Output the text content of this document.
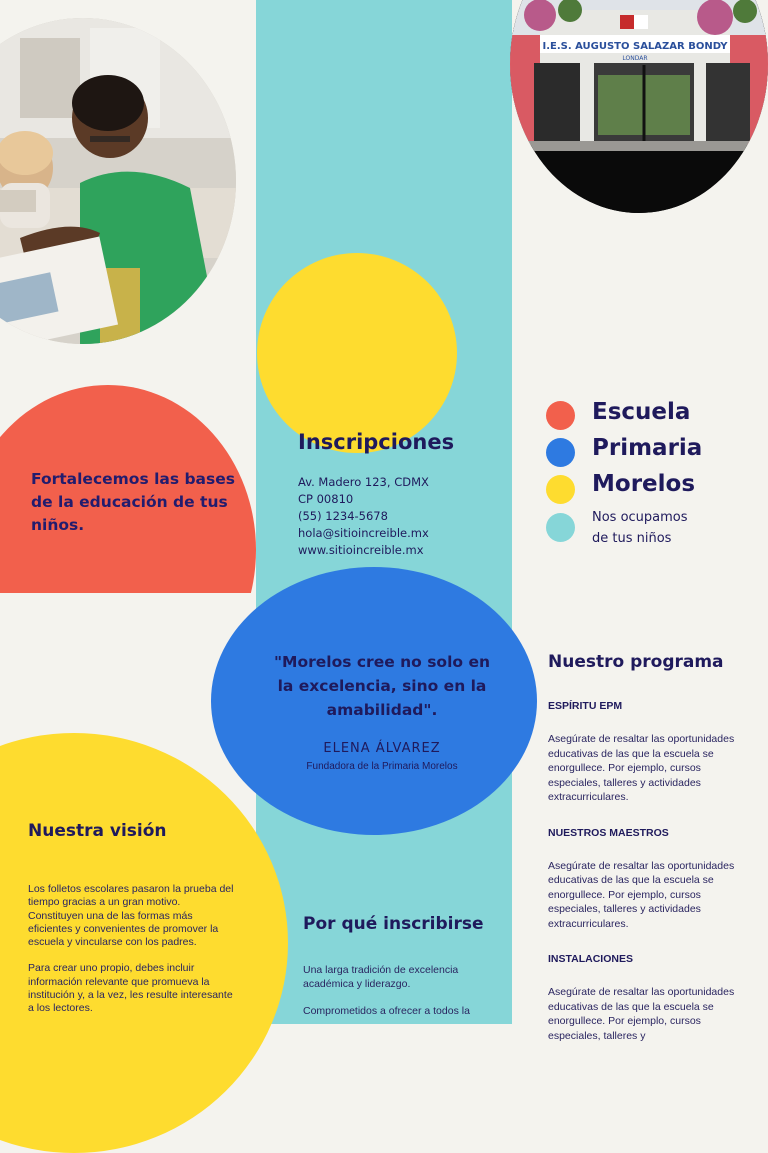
I.E.S. AUGUSTO SALAZAR BONDY
LONDAR
Fortalecemos las bases de la educación de tus niños.
Inscripciones
Av. Madero 123, CDMX
CP 00810
(55) 1234-5678
hola@sitioincreible.mx
www.sitioincreible.mx
Escuela
Primaria
Morelos
Nos ocupamos
de tus niños
"Morelos cree no solo en la excelencia, sino en la amabilidad".
ELENA ÁLVAREZ
Fundadora de la Primaria Morelos
Nuestra visión

Los folletos escolares pasaron la prueba del tiempo gracias a un gran motivo. Constituyen una de las formas más eficientes y convenientes de promover la escuela y vincularse con los padres.

Para crear uno propio, debes incluir información relevante que promueva la institución y, a la vez, les resulte interesante a los lectores.

Por qué inscribirse

Una larga tradición de excelencia académica y liderazgo.

Comprometidos a ofrecer a todos la

Nuestro programa
ESPÍRITU EPM

Asegúrate de resaltar las oportunidades educativas de las que la escuela se enorgullece. Por ejemplo, cursos especiales, talleres y actividades extracurriculares.

NUESTROS MAESTROS

Asegúrate de resaltar las oportunidades educativas de las que la escuela se enorgullece. Por ejemplo, cursos especiales, talleres y actividades extracurriculares.

INSTALACIONES

Asegúrate de resaltar las oportunidades educativas de las que la escuela se enorgullece. Por ejemplo, cursos especiales, talleres y
